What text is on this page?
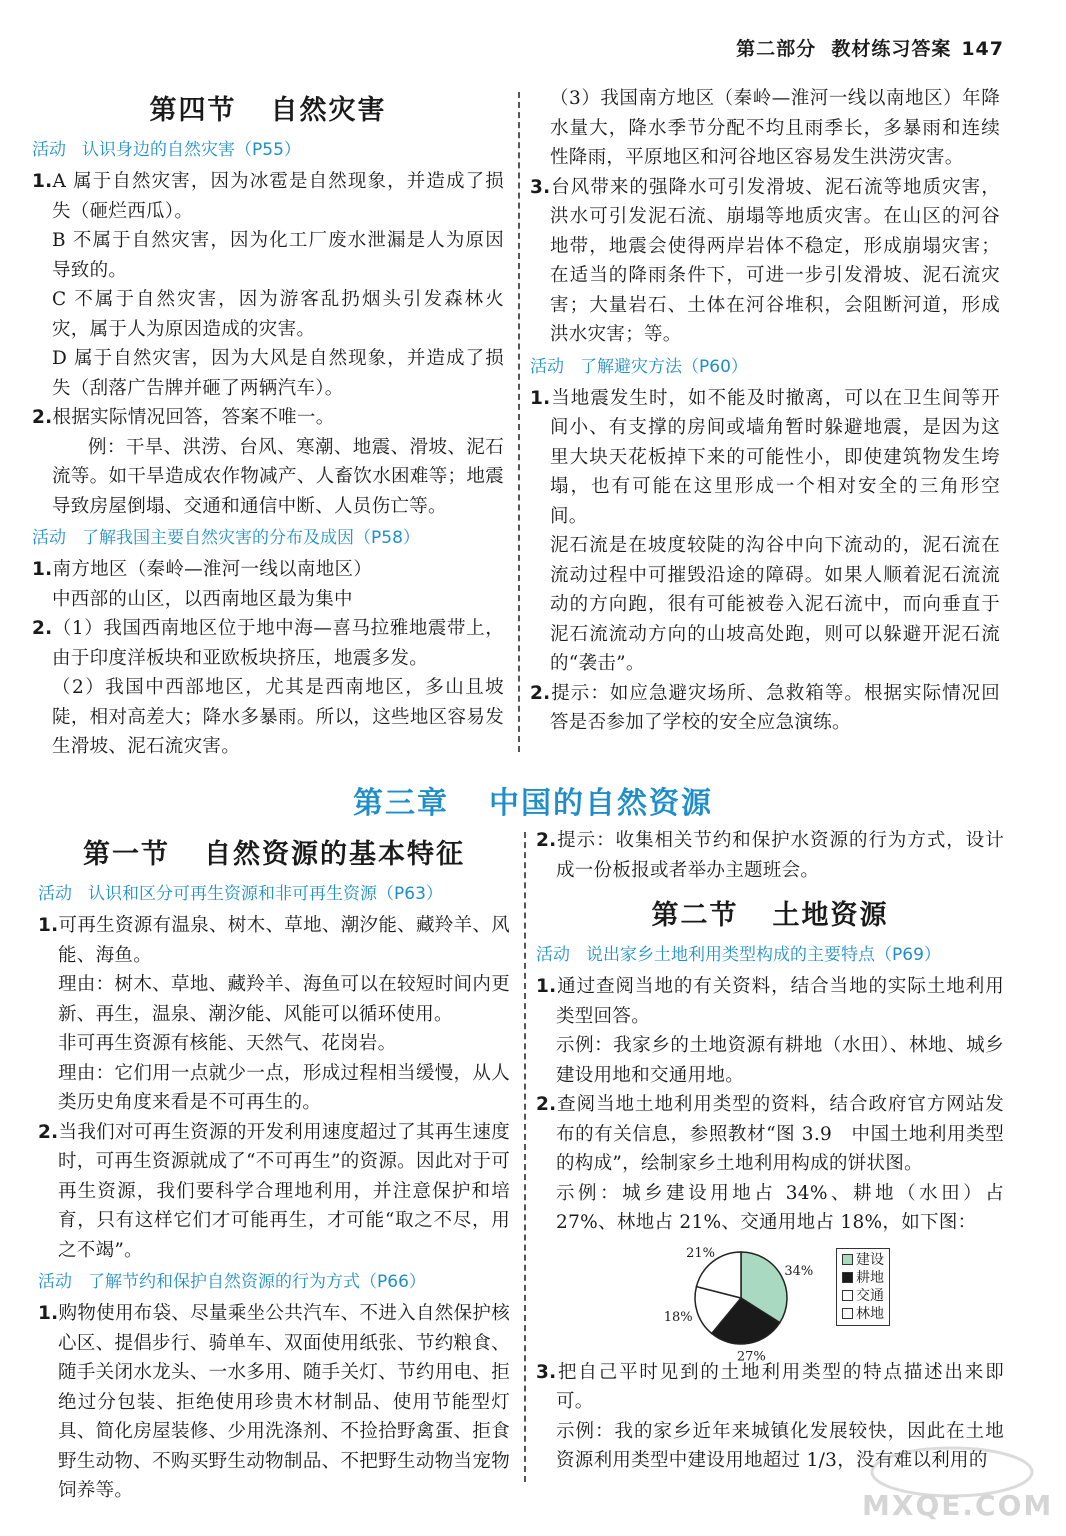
第二部分 教材练习答案 147
第四节 自然灾害
活动 认识身边的自然灾害（P55）

1.A 属于自然灾害，因为冰雹是自然现象，并造成了损失（砸烂西瓜）。

B 不属于自然灾害，因为化工厂废水泄漏是人为原因导致的。

C 不属于自然灾害，因为游客乱扔烟头引发森林火灾，属于人为原因造成的灾害。

D 属于自然灾害，因为大风是自然现象，并造成了损失（刮落广告牌并砸了两辆汽车）。

2.根据实际情况回答，答案不唯一。

例：干旱、洪涝、台风、寒潮、地震、滑坡、泥石流等。如干旱造成农作物减产、人畜饮水困难等；地震导致房屋倒塌、交通和通信中断、人员伤亡等。

活动 了解我国主要自然灾害的分布及成因（P58）

1.南方地区（秦岭—淮河一线以南地区）

中西部的山区，以西南地区最为集中

2.（1）我国西南地区位于地中海—喜马拉雅地震带上，由于印度洋板块和亚欧板块挤压，地震多发。

（2）我国中西部地区，尤其是西南地区，多山且坡陡，相对高差大；降水多暴雨。所以，这些地区容易发生滑坡、泥石流灾害。

（3）我国南方地区（秦岭—淮河一线以南地区）年降水量大，降水季节分配不均且雨季长，多暴雨和连续性降雨，平原地区和河谷地区容易发生洪涝灾害。

3.台风带来的强降水可引发滑坡、泥石流等地质灾害，洪水可引发泥石流、崩塌等地质灾害。在山区的河谷地带，地震会使得两岸岩体不稳定，形成崩塌灾害；在适当的降雨条件下，可进一步引发滑坡、泥石流灾害；大量岩石、土体在河谷堆积，会阻断河道，形成洪水灾害；等。

活动 了解避灾方法（P60）

1.当地震发生时，如不能及时撤离，可以在卫生间等开间小、有支撑的房间或墙角暂时躲避地震，是因为这里大块天花板掉下来的可能性小，即使建筑物发生垮塌，也有可能在这里形成一个相对安全的三角形空间。

泥石流是在坡度较陡的沟谷中向下流动的，泥石流在流动过程中可摧毁沿途的障碍。如果人顺着泥石流流动的方向跑，很有可能被卷入泥石流中，而向垂直于泥石流流动方向的山坡高处跑，则可以躲避开泥石流的“袭击”。

2.提示：如应急避灾场所、急救箱等。根据实际情况回答是否参加了学校的安全应急演练。

第三章 中国的自然资源
第一节 自然资源的基本特征
活动 认识和区分可再生资源和非可再生资源（P63）

1.可再生资源有温泉、树木、草地、潮汐能、藏羚羊、风能、海鱼。

理由：树木、草地、藏羚羊、海鱼可以在较短时间内更新、再生，温泉、潮汐能、风能可以循环使用。

非可再生资源有核能、天然气、花岗岩。

理由：它们用一点就少一点，形成过程相当缓慢，从人类历史角度来看是不可再生的。

2.当我们对可再生资源的开发利用速度超过了其再生速度时，可再生资源就成了“不可再生”的资源。因此对于可再生资源，我们要科学合理地利用，并注意保护和培育，只有这样它们才可能再生，才可能“取之不尽，用之不竭”。

活动 了解节约和保护自然资源的行为方式（P66）

1.购物使用布袋、尽量乘坐公共汽车、不进入自然保护核心区、提倡步行、骑单车、双面使用纸张、节约粮食、随手关闭水龙头、一水多用、随手关灯、节约用电、拒绝过分包装、拒绝使用珍贵木材制品、使用节能型灯具、简化房屋装修、少用洗涤剂、不捡拾野禽蛋、拒食野生动物、不购买野生动物制品、不把野生动物当宠物饲养等。

2.提示：收集相关节约和保护水资源的行为方式，设计成一份板报或者举办主题班会。

第二节 土地资源
活动 说出家乡土地利用类型构成的主要特点（P69）

1.通过查阅当地的有关资料，结合当地的实际土地利用类型回答。

示例：我家乡的土地资源有耕地（水田）、林地、城乡建设用地和交通用地。

2.查阅当地土地利用类型的资料，结合政府官方网站发布的有关信息，参照教材“图 3.9　中国土地利用类型的构成”，绘制家乡土地利用构成的饼状图。

示例：城乡建设用地占 34%、耕地（水田）占 27%、林地占 21%、交通用地占 18%，如下图：

34%
27%
18%
21%	建设
耕地
交通
林地

3.把自己平时见到的土地利用类型的特点描述出来即可。

示例：我的家乡近年来城镇化发展较快，因此在土地资源利用类型中建设用地超过 1/3，没有难以利用的

MXQE.COM
